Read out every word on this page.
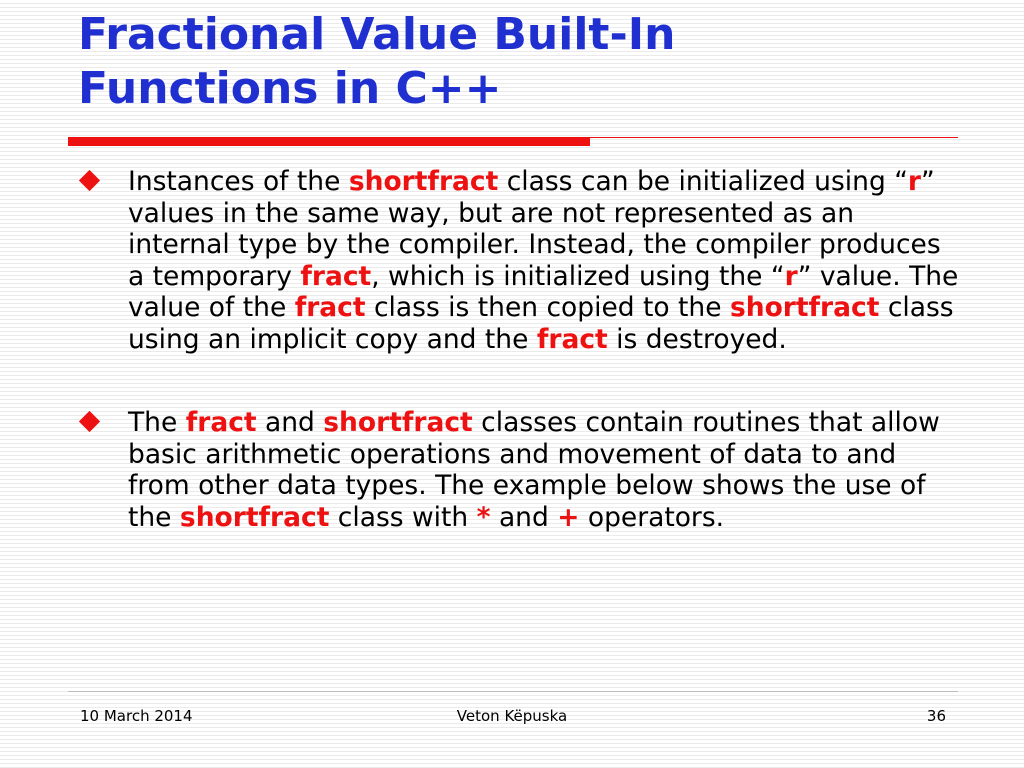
Fractional Value Built-In
Functions in C++
Instances of the shortfract class can be initialized using “r” values in the same way, but are not represented as an internal type by the compiler. Instead, the compiler produces a temporary fract, which is initialized using the “r” value. The value of the fract class is then copied to the shortfract class using an implicit copy and the fract is destroyed.
The fract and shortfract classes contain routines that allow basic arithmetic operations and movement of data to and from other data types. The example below shows the use of the shortfract class with * and + operators.
10 March 2014	Veton Këpuska	36
